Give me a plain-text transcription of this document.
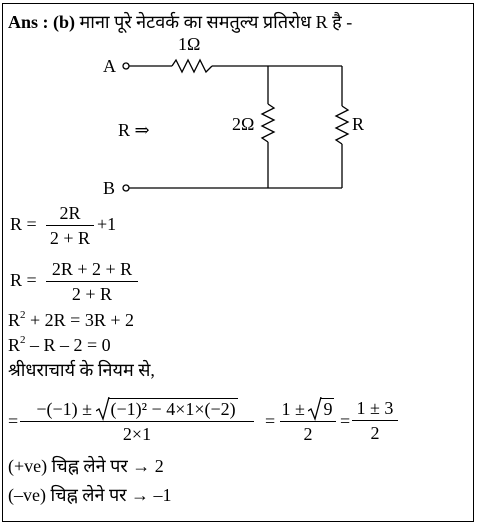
Ans : (b) माना पूरे नेटवर्क का समतुल्य प्रतिरोध R है -
A
B
1Ω
2Ω	R
R ⇒
R =
2R
2 + R
+1
R =
2R + 2 + R
2 + R
$R^2 + 2R = 3R + 2$
$R^2 - R - 2 = 0$
श्रीधराचार्य के नियम से,
=
−(−1) ± (−1)² − 4×1×(−2)
2×1
=
1 ± 9
2
=
1 ± 3
2
(+ve) चिह्न लेने पर → 2
(–ve) चिह्न लेने पर → –1
